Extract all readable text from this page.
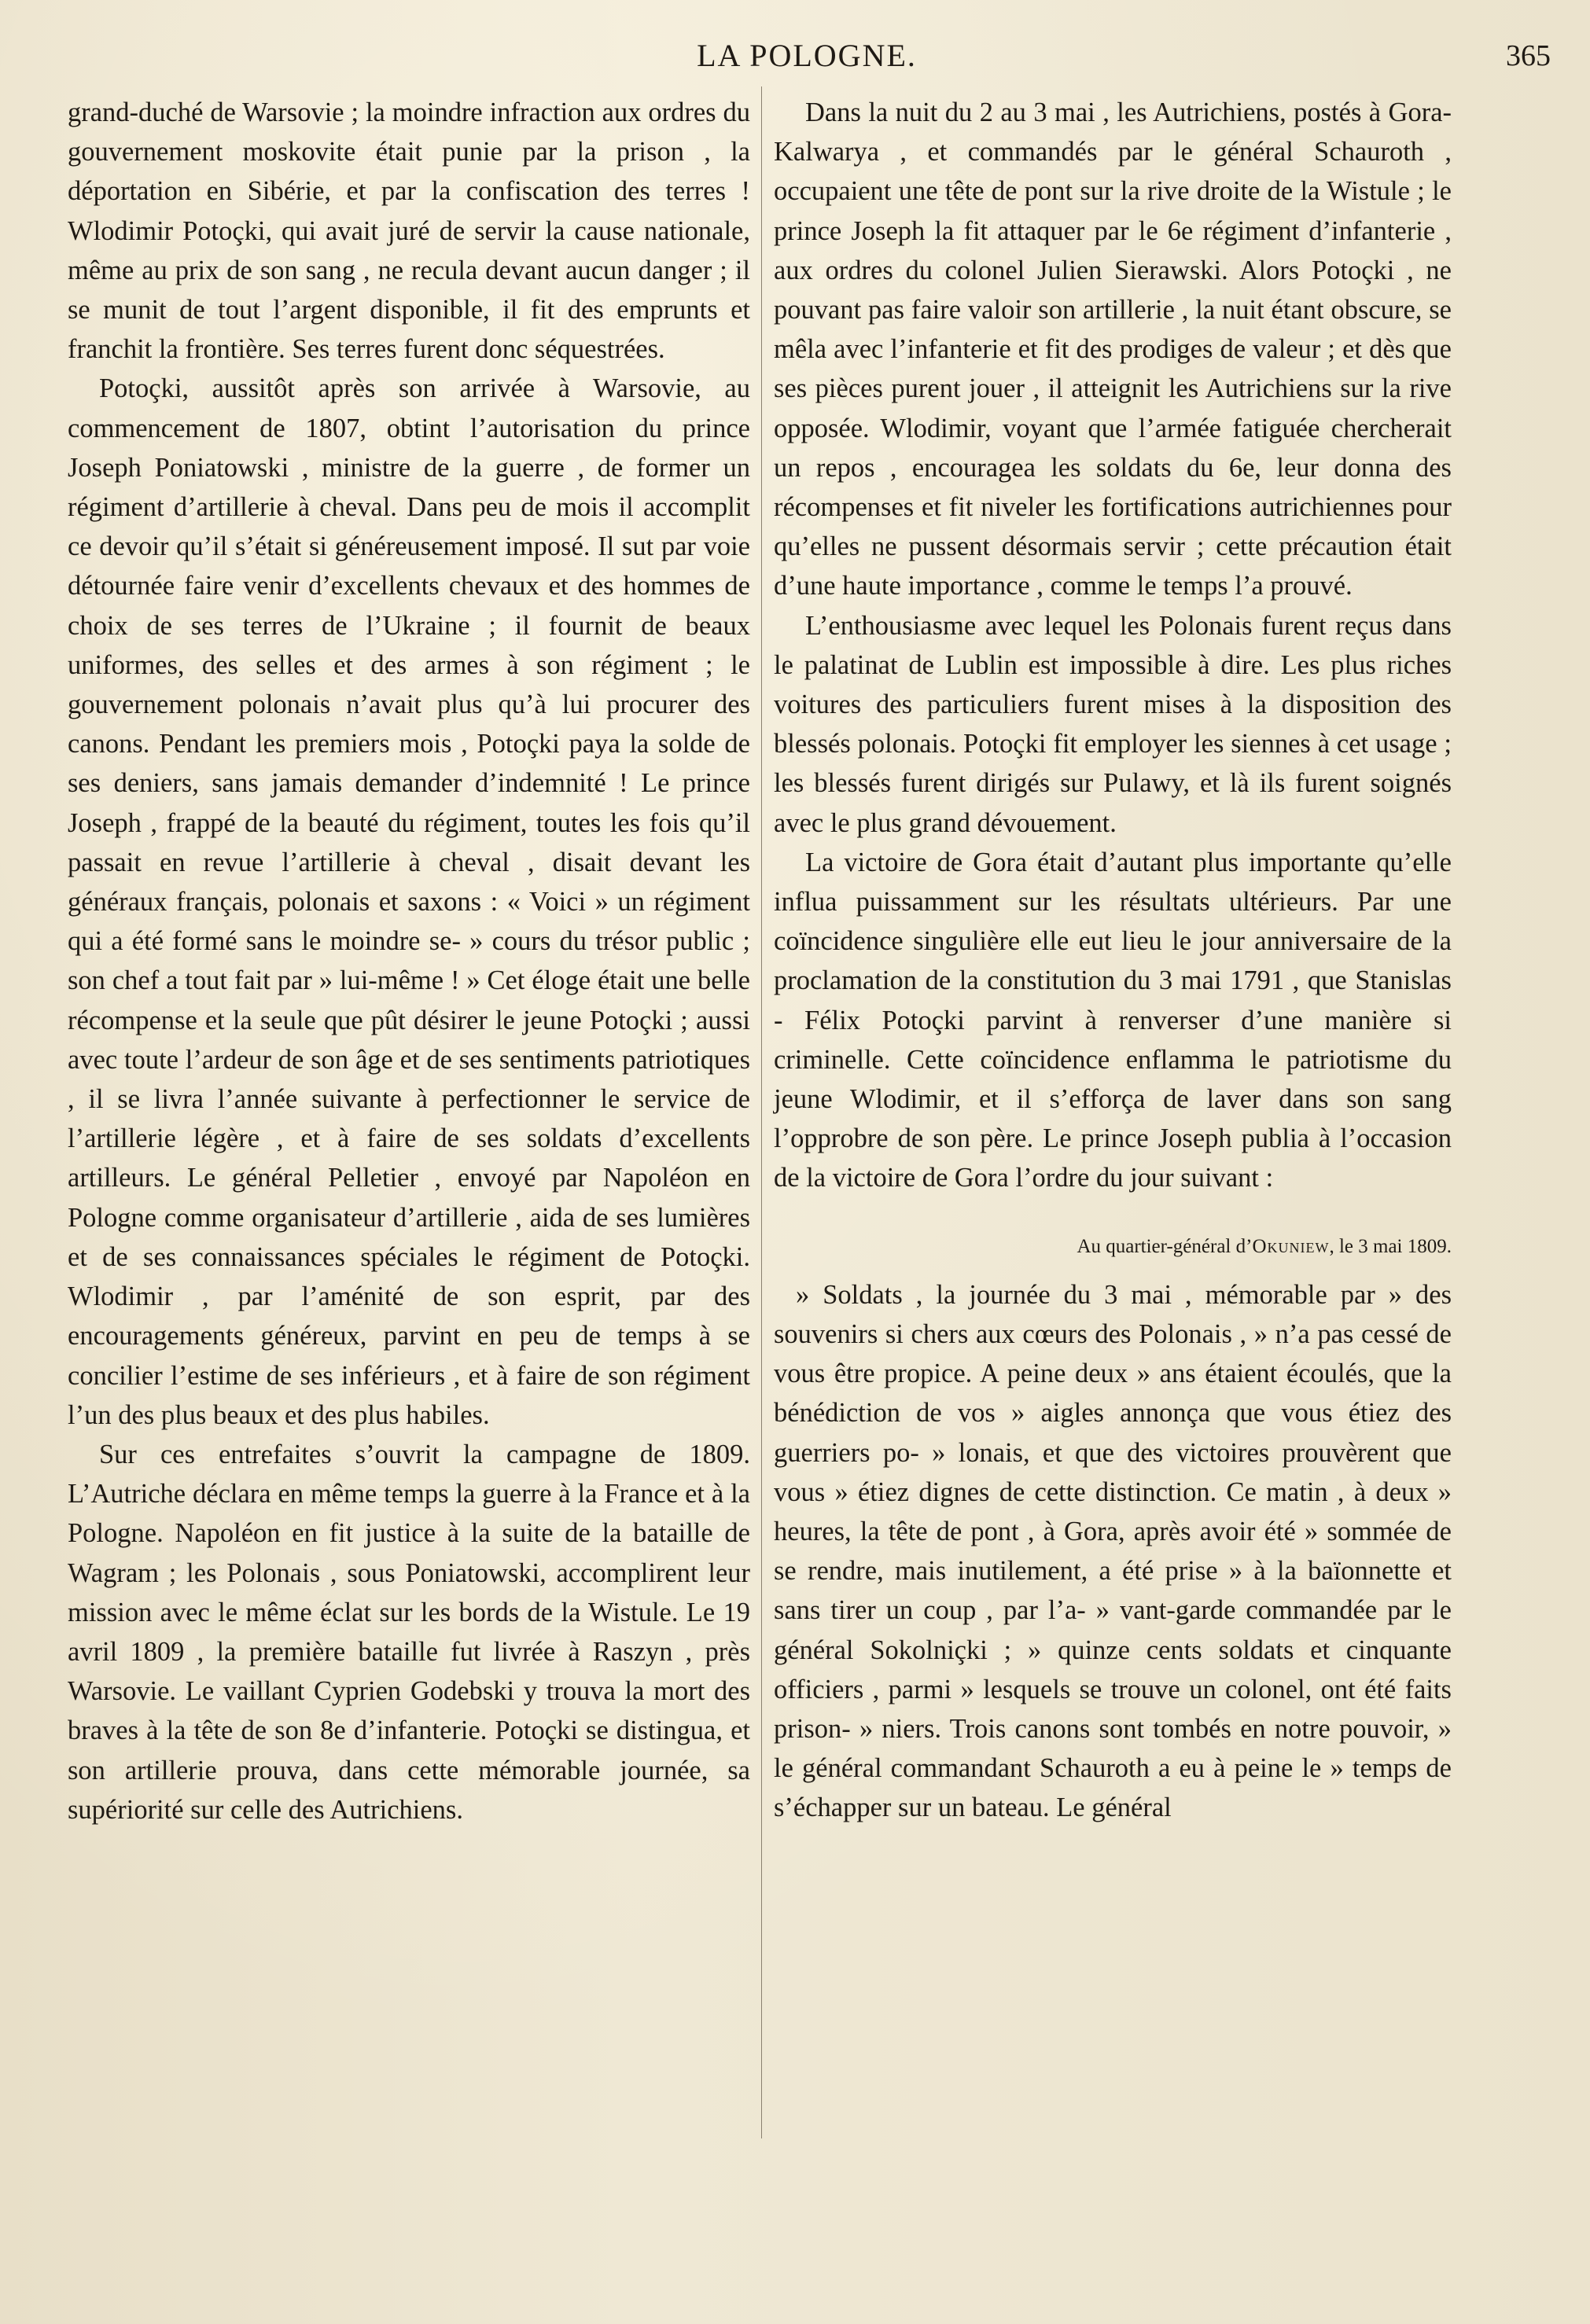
LA POLOGNE.	365

grand-duché de Warsovie ; la moindre infraction aux ordres du gouvernement moskovite était punie par la prison , la déportation en Sibérie, et par la confiscation des terres ! Wlodimir Potoçki, qui avait juré de servir la cause nationale, même au prix de son sang , ne recula devant aucun danger ; il se munit de tout l’argent disponible, il fit des emprunts et franchit la frontière. Ses terres furent donc séquestrées.

Potoçki, aussitôt après son arrivée à Warsovie, au commencement de 1807, obtint l’autorisation du prince Joseph Poniatowski , ministre de la guerre , de former un régiment d’artillerie à cheval. Dans peu de mois il accomplit ce devoir qu’il s’était si généreusement imposé. Il sut par voie détournée faire venir d’excellents chevaux et des hommes de choix de ses terres de l’Ukraine ; il fournit de beaux uniformes, des selles et des armes à son régiment ; le gouvernement polonais n’avait plus qu’à lui procurer des canons. Pendant les premiers mois , Potoçki paya la solde de ses deniers, sans jamais demander d’indemnité ! Le prince Joseph , frappé de la beauté du régiment, toutes les fois qu’il passait en revue l’artillerie à cheval , disait devant les généraux français, polonais et saxons : « Voici » un régiment qui a été formé sans le moindre se- » cours du trésor public ; son chef a tout fait par » lui-même ! » Cet éloge était une belle récompense et la seule que pût désirer le jeune Potoçki ; aussi avec toute l’ardeur de son âge et de ses sentiments patriotiques , il se livra l’année suivante à perfectionner le service de l’artillerie légère , et à faire de ses soldats d’excellents artilleurs. Le général Pelletier , envoyé par Napoléon en Pologne comme organisateur d’artillerie , aida de ses lumières et de ses connaissances spéciales le régiment de Potoçki. Wlodimir , par l’aménité de son esprit, par des encouragements généreux, parvint en peu de temps à se concilier l’estime de ses inférieurs , et à faire de son régiment l’un des plus beaux et des plus habiles.

Sur ces entrefaites s’ouvrit la campagne de 1809. L’Autriche déclara en même temps la guerre à la France et à la Pologne. Napoléon en fit justice à la suite de la bataille de Wagram ; les Polonais , sous Poniatowski, accomplirent leur mission avec le même éclat sur les bords de la Wistule. Le 19 avril 1809 , la première bataille fut livrée à Raszyn , près Warsovie. Le vaillant Cyprien Godebski y trouva la mort des braves à la tête de son 8e d’infanterie. Potoçki se distingua, et son artillerie prouva, dans cette mémorable journée, sa supériorité sur celle des Autrichiens.

Dans la nuit du 2 au 3 mai , les Autrichiens, postés à Gora-Kalwarya , et commandés par le général Schauroth , occupaient une tête de pont sur la rive droite de la Wistule ; le prince Joseph la fit attaquer par le 6e régiment d’infanterie , aux ordres du colonel Julien Sierawski. Alors Potoçki , ne pouvant pas faire valoir son artillerie , la nuit étant obscure, se mêla avec l’infanterie et fit des prodiges de valeur ; et dès que ses pièces purent jouer , il atteignit les Autrichiens sur la rive opposée. Wlodimir, voyant que l’armée fatiguée chercherait un repos , encouragea les soldats du 6e, leur donna des récompenses et fit niveler les fortifications autrichiennes pour qu’elles ne pussent désormais servir ; cette précaution était d’une haute importance , comme le temps l’a prouvé.

L’enthousiasme avec lequel les Polonais furent reçus dans le palatinat de Lublin est impossible à dire. Les plus riches voitures des particuliers furent mises à la disposition des blessés polonais. Potoçki fit employer les siennes à cet usage ; les blessés furent dirigés sur Pulawy, et là ils furent soignés avec le plus grand dévouement.

La victoire de Gora était d’autant plus importante qu’elle influa puissamment sur les résultats ultérieurs. Par une coïncidence singulière elle eut lieu le jour anniversaire de la proclamation de la constitution du 3 mai 1791 , que Stanislas - Félix Potoçki parvint à renverser d’une manière si criminelle. Cette coïncidence enflamma le patriotisme du jeune Wlodimir, et il s’efforça de laver dans son sang l’opprobre de son père. Le prince Joseph publia à l’occasion de la victoire de Gora l’ordre du jour suivant :

Au quartier-général d’Okuniew, le 3 mai 1809.

» Soldats , la journée du 3 mai , mémorable par » des souvenirs si chers aux cœurs des Polonais , » n’a pas cessé de vous être propice. A peine deux » ans étaient écoulés, que la bénédiction de vos » aigles annonça que vous étiez des guerriers po- » lonais, et que des victoires prouvèrent que vous » étiez dignes de cette distinction. Ce matin , à deux » heures, la tête de pont , à Gora, après avoir été » sommée de se rendre, mais inutilement, a été prise » à la baïonnette et sans tirer un coup , par l’a- » vant-garde commandée par le général Sokolniçki ; » quinze cents soldats et cinquante officiers , parmi » lesquels se trouve un colonel, ont été faits prison- » niers. Trois canons sont tombés en notre pouvoir, » le général commandant Schauroth a eu à peine le » temps de s’échapper sur un bateau. Le général
